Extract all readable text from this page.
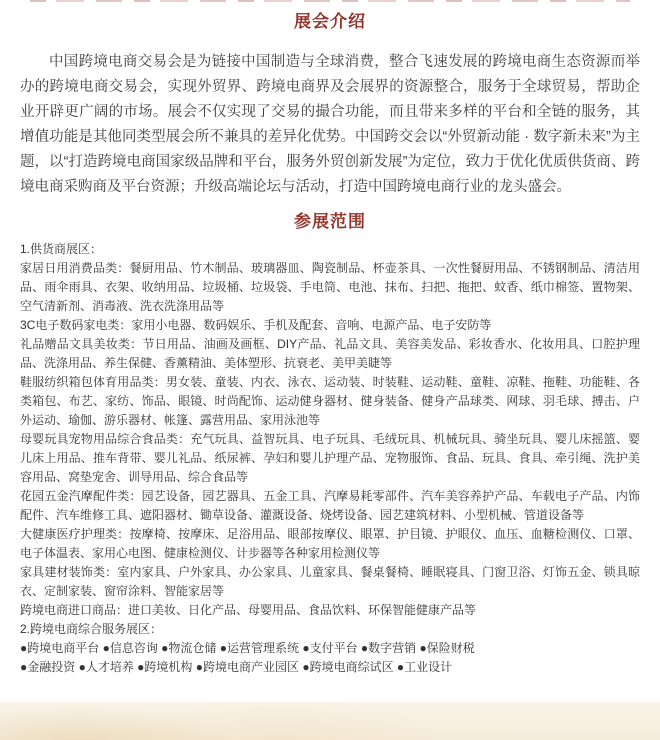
展会介绍

中国跨境电商交易会是为链接中国制造与全球消费，整合飞速发展的跨境电商生态资源而举办的跨境电商交易会，实现外贸界、跨境电商界及会展界的资源整合，服务于全球贸易，帮助企业开辟更广阔的市场。展会不仅实现了交易的撮合功能，而且带来多样的平台和全链的服务，其增值功能是其他同类型展会所不兼具的差异化优势。中国跨交会以“外贸新动能 · 数字新未来”为主题，以“打造跨境电商国家级品牌和平台，服务外贸创新发展”为定位，致力于优化优质供货商、跨境电商采购商及平台资源；升级高端论坛与活动，打造中国跨境电商行业的龙头盛会。

参展范围

1.供货商展区：

家居日用消费品类：餐厨用品、竹木制品、玻璃器皿、陶瓷制品、杯壶茶具、一次性餐厨用品、不锈钢制品、清洁用品、雨伞雨具、衣架、收纳用品、垃圾桶、垃圾袋、手电筒、电池、抹布、扫把、拖把、蚊香、纸巾棉签、置物架、空气清新剂、消毒液、洗衣洗涤用品等

3C电子数码家电类：家用小电器、数码娱乐、手机及配套、音响、电源产品、电子安防等

礼品赠品文具美妆类：节日用品、油画及画框、DIY产品、礼品文具、美容美发品、彩妆香水、化妆用具、口腔护理品、洗涤用品、养生保健、香薰精油、美体塑形、抗衰老、美甲美睫等

鞋服纺织箱包体育用品类：男女装、童装、内衣、泳衣、运动装、时装鞋、运动鞋、童鞋、凉鞋、拖鞋、功能鞋、各类箱包、布艺、家纺、饰品、眼镜、时尚配饰、运动健身器材、健身装备、健身产品球类、网球、羽毛球、搏击、户外运动、瑜伽、游乐器材、帐篷、露营用品、家用泳池等

母婴玩具宠物用品综合食品类：充气玩具、益智玩具、电子玩具、毛绒玩具、机械玩具、骑坐玩具、婴儿床摇篮、婴儿床上用品、推车背带、婴儿礼品、纸尿裤、孕妇和婴儿护理产品、宠物服饰、食品、玩具、食具、牵引绳、洗护美容用品、窝垫宠舍、训导用品、综合食品等

花园五金汽摩配件类：园艺设备，园艺器具、五金工具、汽摩易耗零部件、汽车美容养护产品、车载电子产品、内饰配件、汽车维修工具、遮阳器材、锄草设备、灌溉设备、烧烤设备、园艺建筑材料、小型机械、管道设备等

大健康医疗护理类：按摩椅、按摩床、足浴用品、眼部按摩仪、眼罩、护目镜、护眼仪、血压、血糖检测仪、口罩、电子体温表、家用心电图、健康检测仪、计步器等各种家用检测仪等

家具建材装饰类：室内家具、户外家具、办公家具、儿童家具、餐桌餐椅、睡眠寝具、门窗卫浴、灯饰五金、锁具晾衣、定制家装、窗帘涂料、智能家居等

跨境电商进口商品：进口美妆、日化产品、母婴用品、食品饮料、环保智能健康产品等

2.跨境电商综合服务展区：

●跨境电商平台 ●信息咨询 ●物流仓储 ●运营管理系统 ●支付平台 ●数字营销 ●保险财税

●金融投资 ●人才培养 ●跨境机构 ●跨境电商产业园区 ●跨境电商综试区 ●工业设计
